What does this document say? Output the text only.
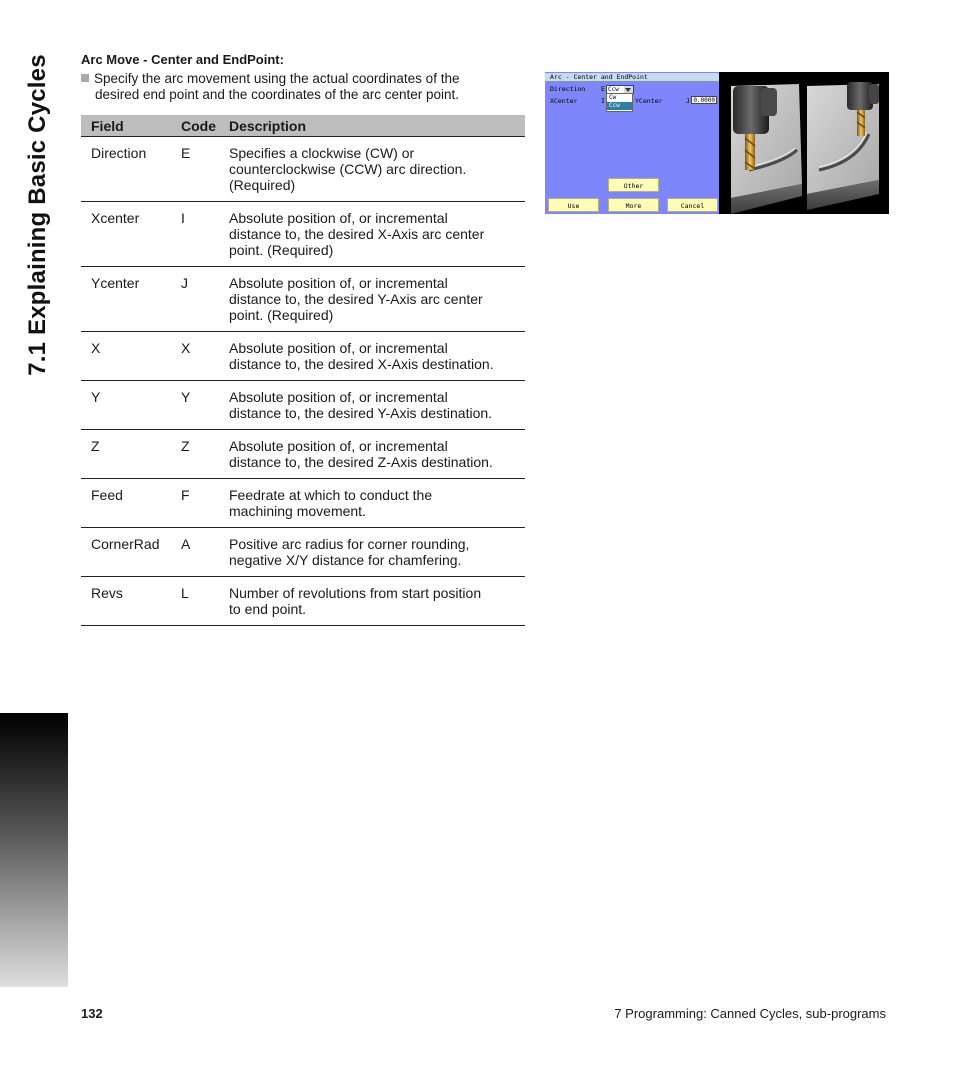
7.1 Explaining Basic Cycles Arc Move - Center and EndPoint:
Specify the arc movement using the actual coordinates of the
desired end point and the coordinates of the arc center point.
Field	Code	Description
Direction	E	Specifies a clockwise (CW) or
counterclockwise (CCW) arc direction.
(Required)

Xcenter	I	Absolute position of, or incremental
distance to, the desired X-Axis arc center
point. (Required)

Ycenter	J	Absolute position of, or incremental
distance to, the desired Y-Axis arc center
point. (Required)

X	X	Absolute position of, or incremental
distance to, the desired X-Axis destination.

Y	Y	Absolute position of, or incremental
distance to, the desired Y-Axis destination.

Z	Z	Absolute position of, or incremental
distance to, the desired Z-Axis destination.

Feed	F	Feedrate at which to conduct the
machining movement.

CornerRad	A	Positive arc radius for corner rounding,
negative X/Y distance for chamfering.

Revs	L	Number of revolutions from start position
to end point.
Arc - Center and EndPoint
Direction E Ccw
Cw
Ccw
XCenter	I	YCenter	J 0.0000
Other
Use	More	Cancel
132	7 Programming: Canned Cycles, sub-programs
